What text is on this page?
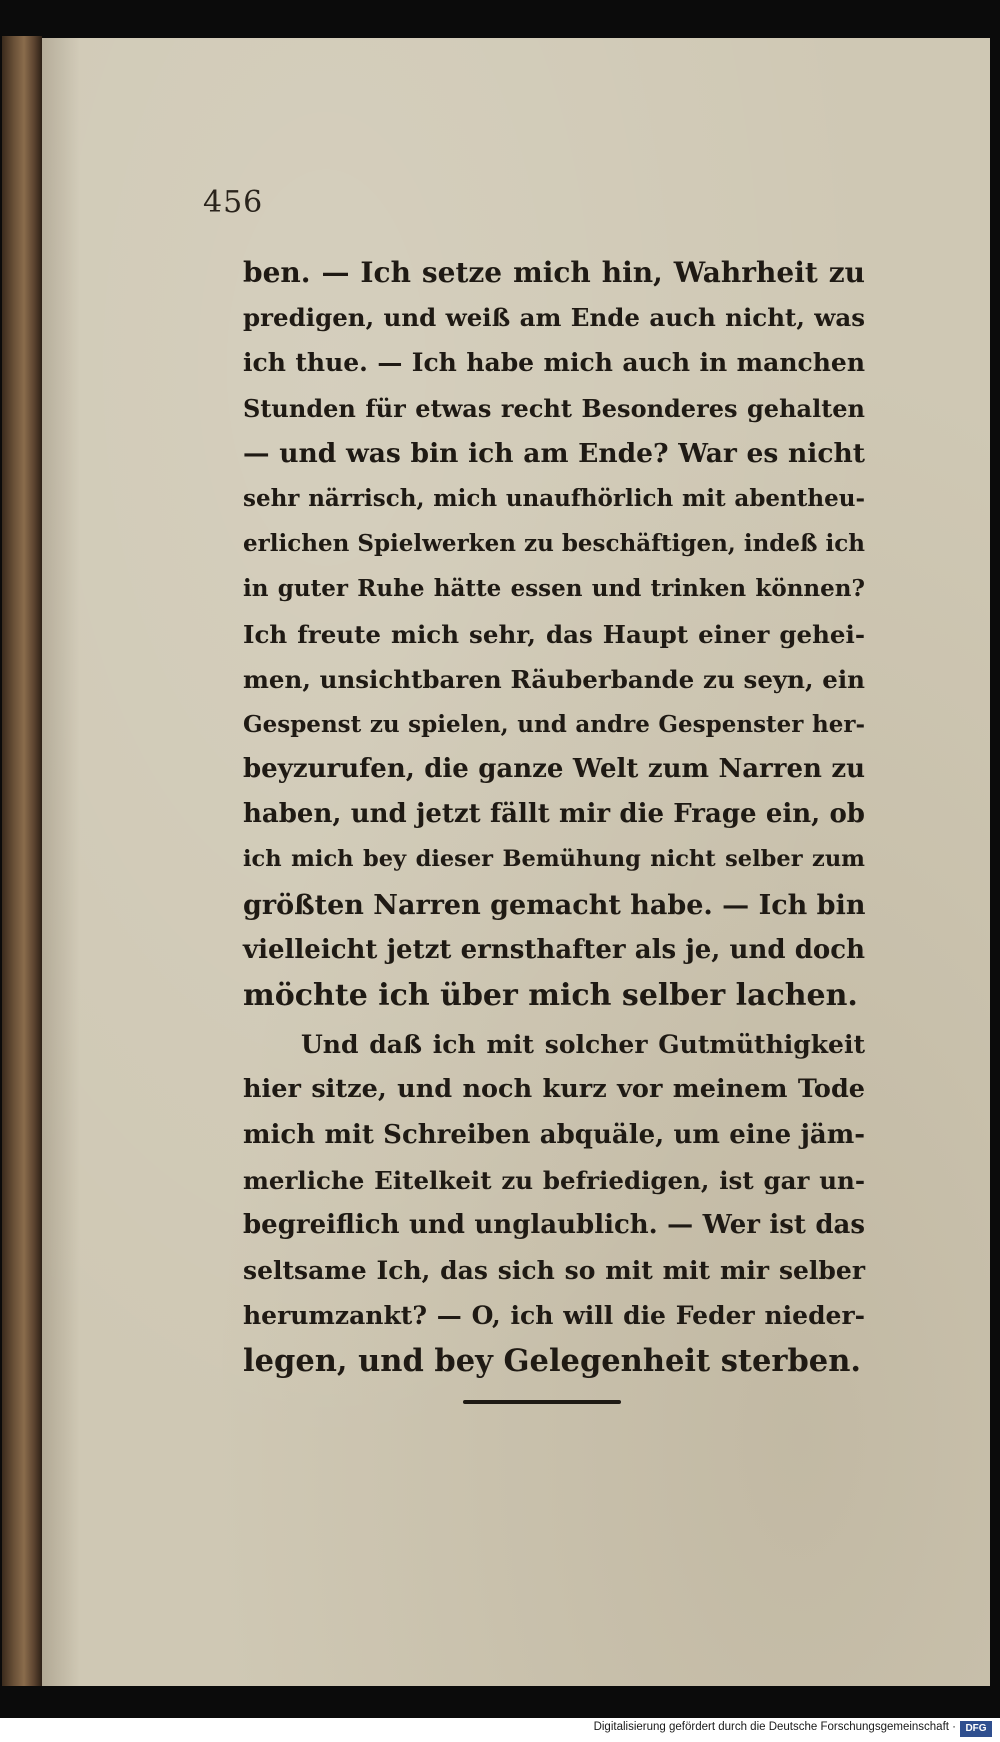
456
ben. — Ich setze mich hin, Wahrheit zu
predigen, und weiß am Ende auch nicht, was
ich thue. — Ich habe mich auch in manchen
Stunden für etwas recht Besonderes gehalten
— und was bin ich am Ende? War es nicht
sehr närrisch, mich unaufhörlich mit abentheu-
erlichen Spielwerken zu beschäftigen, indeß ich
in guter Ruhe hätte essen und trinken können?
Ich freute mich sehr, das Haupt einer gehei-
men, unsichtbaren Räuberbande zu seyn, ein
Gespenst zu spielen, und andre Gespenster her-
beyzurufen, die ganze Welt zum Narren zu
haben, und jetzt fällt mir die Frage ein, ob
ich mich bey dieser Bemühung nicht selber zum
größten Narren gemacht habe. — Ich bin
vielleicht jetzt ernsthafter als je, und doch
möchte ich über mich selber lachen.
Und daß ich mit solcher Gutmüthigkeit
hier sitze, und noch kurz vor meinem Tode
mich mit Schreiben abquäle, um eine jäm-
merliche Eitelkeit zu befriedigen, ist gar un-
begreiflich und unglaublich. — Wer ist das
seltsame Ich, das sich so mit mit mir selber
herumzankt? — O, ich will die Feder nieder-
legen, und bey Gelegenheit sterben.
Digitalisierung gefördert durch die Deutsche Forschungsgemeinschaft · DFG
